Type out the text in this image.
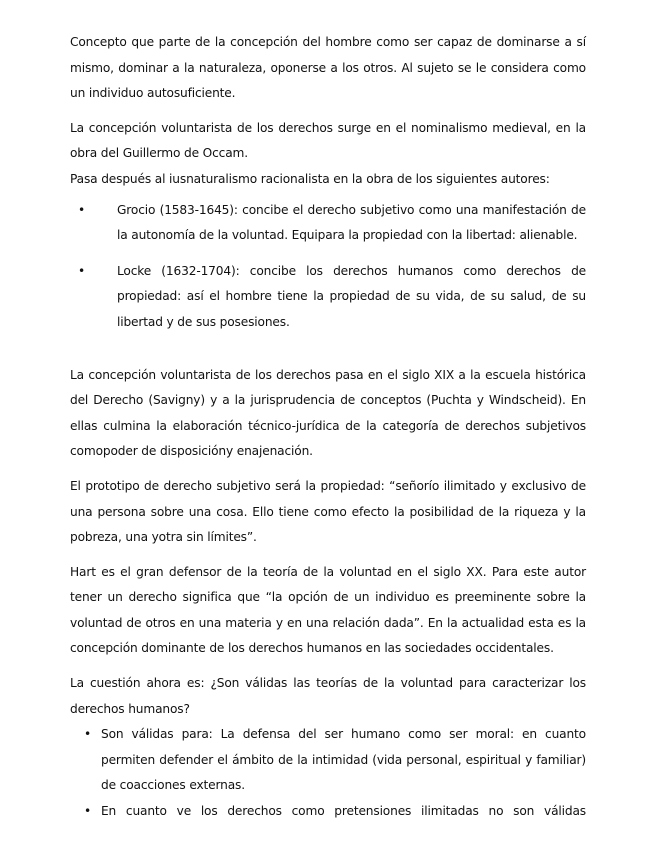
Concepto que parte de la concepción del hombre como ser capaz de dominarse a sí mismo, dominar a la naturaleza, oponerse a los otros. Al sujeto se le considera como un individuo autosuficiente.

La concepción voluntarista de los derechos surge en el nominalismo medieval, en la obra del Guillermo de Occam.

Pasa después al iusnaturalismo racionalista en la obra de los siguientes autores:

•	Grocio (1583-1645): concibe el derecho subjetivo como una manifestación de la autonomía de la voluntad. Equipara la propiedad con la libertad: alienable.
•	Locke (1632-1704): concibe los derechos humanos como derechos de propiedad: así el hombre tiene la propiedad de su vida, de su salud, de su libertad y de sus posesiones.

La concepción voluntarista de los derechos pasa en el siglo XIX a la escuela histórica del Derecho (Savigny) y a la jurisprudencia de conceptos (Puchta y Windscheid). En ellas culmina la elaboración técnico-jurídica de la categoría de derechos subjetivos comopoder de disposicióny enajenación.

El prototipo de derecho subjetivo será la propiedad: “señorío ilimitado y exclusivo de una persona sobre una cosa. Ello tiene como efecto la posibilidad de la riqueza y la pobreza, una yotra sin límites”.

Hart es el gran defensor de la teoría de la voluntad en el siglo XX. Para este autor tener un derecho significa que “la opción de un individuo es preeminente sobre la voluntad de otros en una materia y en una relación dada”. En la actualidad esta es la concepción dominante de los derechos humanos en las sociedades occidentales.

La cuestión ahora es: ¿Son válidas las teorías de la voluntad para caracterizar los derechos humanos?

• Son válidas para: La defensa del ser humano como ser moral: en cuanto permiten defender el ámbito de la intimidad (vida personal, espiritual y familiar) de coacciones externas.
• En cuanto ve los derechos como pretensiones ilimitadas no son válidas
